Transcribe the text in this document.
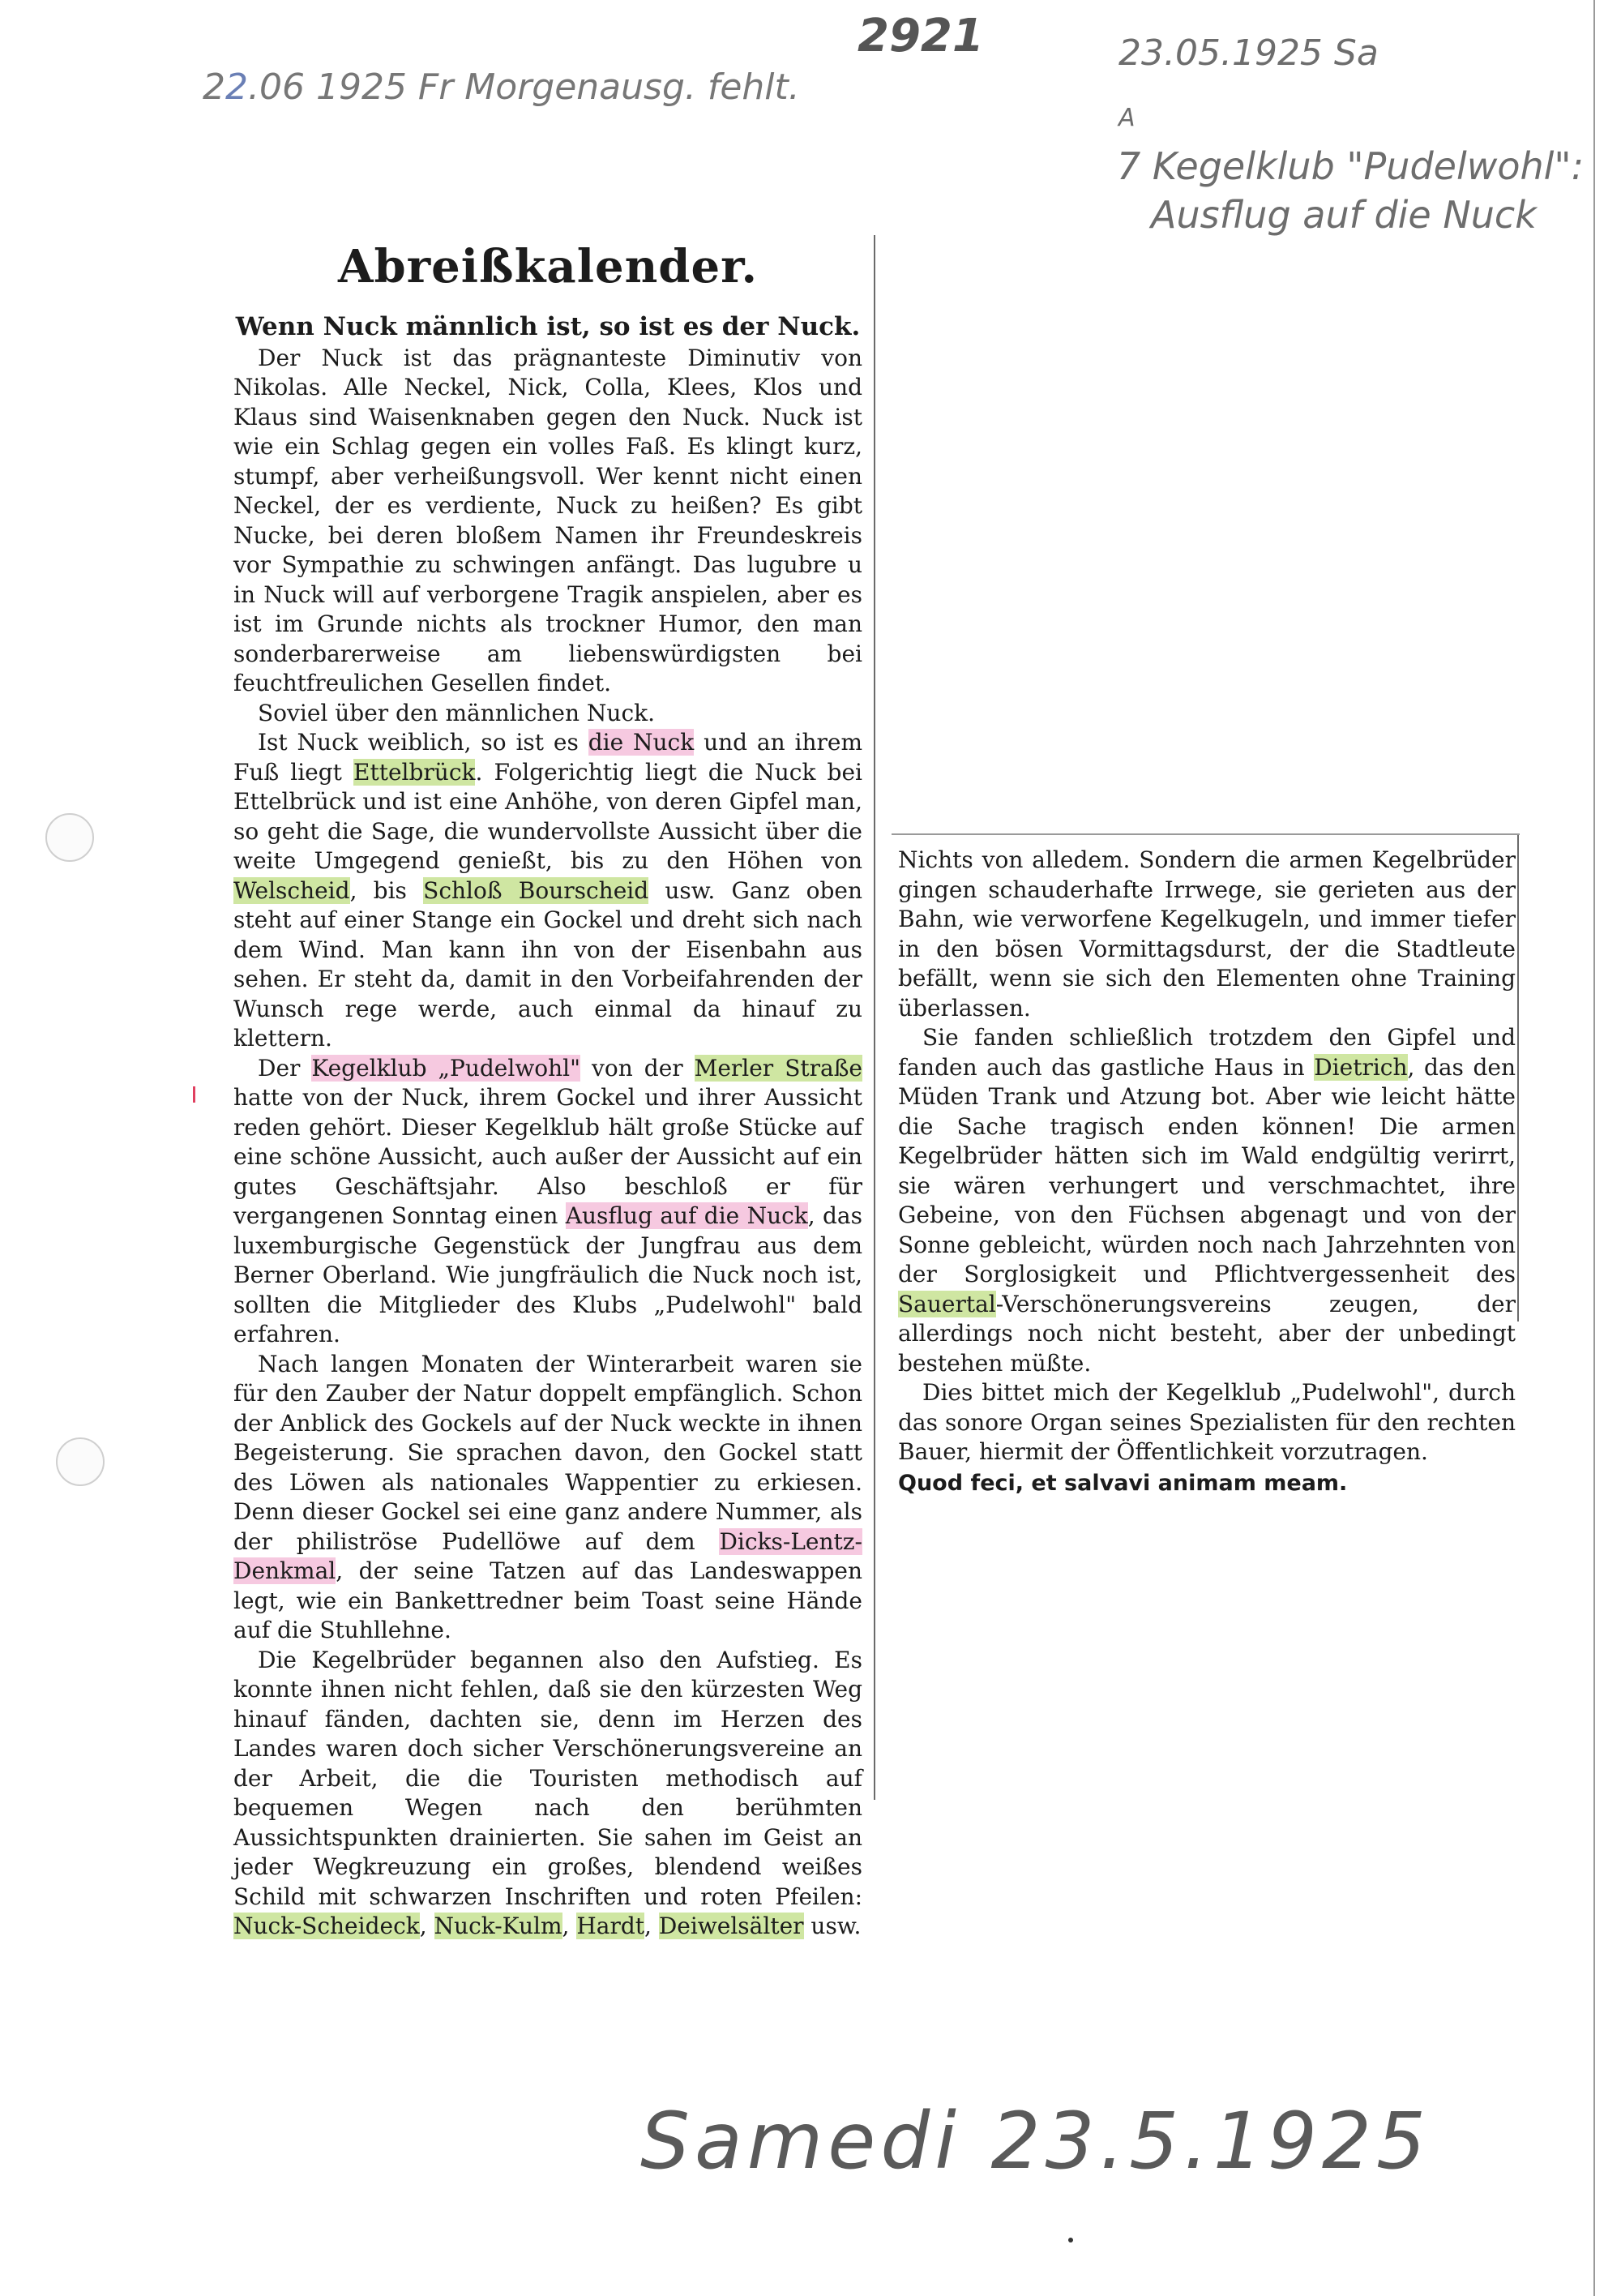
22.06 1925 Fr Morgenausg. fehlt.
2921	23.05.1925 Sa
A
7 Kegelklub "Pudelwohl":
Ausflug auf die Nuck
Samedi 23.5.1925
Abreißkalender.
Wenn Nuck männlich ist, so ist es der Nuck.

Der Nuck ist das prägnanteste Diminutiv von Nikolas. Alle Neckel, Nick, Colla, Klees, Klos und Klaus sind Waisenknaben gegen den Nuck. Nuck ist wie ein Schlag gegen ein volles Faß. Es klingt kurz, stumpf, aber verheißungsvoll. Wer kennt nicht einen Neckel, der es verdiente, Nuck zu heißen? Es gibt Nucke, bei deren bloßem Namen ihr Freundeskreis vor Sympathie zu schwingen anfängt. Das lugubre u in Nuck will auf verborgene Tragik anspielen, aber es ist im Grunde nichts als trockner Humor, den man sonderbarerweise am liebenswürdigsten bei feuchtfreulichen Gesellen findet.

Soviel über den männlichen Nuck.

Ist Nuck weiblich, so ist es die Nuck und an ihrem Fuß liegt Ettelbrück. Folgerichtig liegt die Nuck bei Ettelbrück und ist eine Anhöhe, von deren Gipfel man, so geht die Sage, die wundervollste Aussicht über die weite Umgegend genießt, bis zu den Höhen von Welscheid, bis Schloß Bourscheid usw. Ganz oben steht auf einer Stange ein Gockel und dreht sich nach dem Wind. Man kann ihn von der Eisenbahn aus sehen. Er steht da, damit in den Vorbeifahrenden der Wunsch rege werde, auch einmal da hinauf zu klettern.

Der Kegelklub „Pudelwohl" von der Merler Straße hatte von der Nuck, ihrem Gockel und ihrer Aussicht reden gehört. Dieser Kegelklub hält große Stücke auf eine schöne Aussicht, auch außer der Aussicht auf ein gutes Geschäftsjahr. Also beschloß er für vergangenen Sonntag einen Ausflug auf die Nuck, das luxemburgische Gegenstück der Jungfrau aus dem Berner Oberland. Wie jungfräulich die Nuck noch ist, sollten die Mitglieder des Klubs „Pudelwohl" bald erfahren.

Nach langen Monaten der Winterarbeit waren sie für den Zauber der Natur doppelt empfänglich. Schon der Anblick des Gockels auf der Nuck weckte in ihnen Begeisterung. Sie sprachen davon, den Gockel statt des Löwen als nationales Wappentier zu erkiesen. Denn dieser Gockel sei eine ganz andere Nummer, als der philiströse Pudellöwe auf dem Dicks-Lentz-Denkmal, der seine Tatzen auf das Landeswappen legt, wie ein Bankettredner beim Toast seine Hände auf die Stuhllehne.

Die Kegelbrüder begannen also den Aufstieg. Es konnte ihnen nicht fehlen, daß sie den kürzesten Weg hinauf fänden, dachten sie, denn im Herzen des Landes waren doch sicher Verschönerungsvereine an der Arbeit, die die Touristen methodisch auf bequemen Wegen nach den berühmten Aussichtspunkten drainierten. Sie sahen im Geist an jeder Wegkreuzung ein großes, blendend weißes Schild mit schwarzen Inschriften und roten Pfeilen: Nuck-Scheideck, Nuck-Kulm, Hardt, Deiwelsälter usw.

Nichts von alledem. Sondern die armen Kegelbrüder gingen schauderhafte Irrwege, sie gerieten aus der Bahn, wie verworfene Kegelkugeln, und immer tiefer in den bösen Vormittagsdurst, der die Stadtleute befällt, wenn sie sich den Elementen ohne Training überlassen.

Sie fanden schließlich trotzdem den Gipfel und fanden auch das gastliche Haus in Dietrich, das den Müden Trank und Atzung bot. Aber wie leicht hätte die Sache tragisch enden können! Die armen Kegelbrüder hätten sich im Wald endgültig verirrt, sie wären verhungert und verschmachtet, ihre Gebeine, von den Füchsen abgenagt und von der Sonne gebleicht, würden noch nach Jahrzehnten von der Sorglosigkeit und Pflichtvergessenheit des Sauertal-Verschönerungsvereins zeugen, der allerdings noch nicht besteht, aber der unbedingt bestehen müßte.

Dies bittet mich der Kegelklub „Pudelwohl", durch das sonore Organ seines Spezialisten für den rechten Bauer, hiermit der Öffentlichkeit vorzutragen.

Quod feci, et salvavi animam meam.
